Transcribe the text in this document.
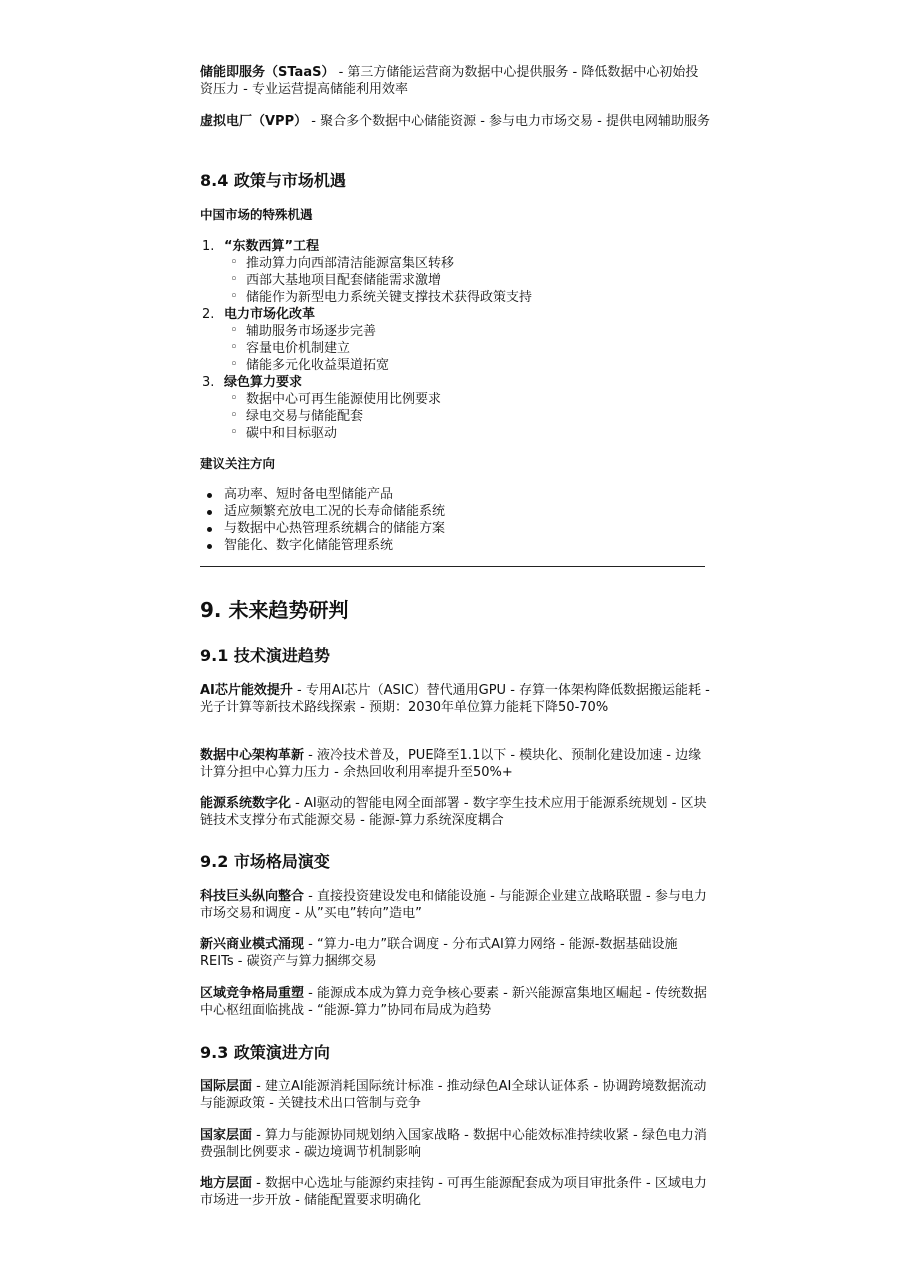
储能即服务（STaaS） - 第三方储能运营商为数据中心提供服务 - 降低数据中心初始投资压力 - 专业运营提高储能利用效率

虚拟电厂（VPP） - 聚合多个数据中心储能资源 - 参与电力市场交易 - 提供电网辅助服务

8.4 政策与市场机遇
中国市场的特殊机遇
1. “东数西算”工程
◦ 推动算力向西部清洁能源富集区转移
◦ 西部大基地项目配套储能需求激增
◦ 储能作为新型电力系统关键支撑技术获得政策支持
2. 电力市场化改革
◦ 辅助服务市场逐步完善
◦ 容量电价机制建立
◦ 储能多元化收益渠道拓宽
3. 绿色算力要求
◦ 数据中心可再生能源使用比例要求
◦ 绿电交易与储能配套
◦ 碳中和目标驱动
建议关注方向
高功率、短时备电型储能产品
适应频繁充放电工况的长寿命储能系统
与数据中心热管理系统耦合的储能方案
智能化、数字化储能管理系统
9. 未来趋势研判
9.1 技术演进趋势

AI芯片能效提升 - 专用AI芯片（ASIC）替代通用GPU - 存算一体架构降低数据搬运能耗 - 光子计算等新技术路线探索 - 预期：2030年单位算力能耗下降50-70%

数据中心架构革新 - 液冷技术普及，PUE降至1.1以下 - 模块化、预制化建设加速 - 边缘计算分担中心算力压力 - 余热回收利用率提升至50%+

能源系统数字化 - AI驱动的智能电网全面部署 - 数字孪生技术应用于能源系统规划 - 区块链技术支撑分布式能源交易 - 能源-算力系统深度耦合

9.2 市场格局演变

科技巨头纵向整合 - 直接投资建设发电和储能设施 - 与能源企业建立战略联盟 - 参与电力市场交易和调度 - 从”买电”转向”造电”

新兴商业模式涌现 - “算力-电力”联合调度 - 分布式AI算力网络 - 能源-数据基础设施REITs - 碳资产与算力捆绑交易

区域竞争格局重塑 - 能源成本成为算力竞争核心要素 - 新兴能源富集地区崛起 - 传统数据中心枢纽面临挑战 - “能源-算力”协同布局成为趋势

9.3 政策演进方向

国际层面 - 建立AI能源消耗国际统计标准 - 推动绿色AI全球认证体系 - 协调跨境数据流动与能源政策 - 关键技术出口管制与竞争

国家层面 - 算力与能源协同规划纳入国家战略 - 数据中心能效标准持续收紧 - 绿色电力消费强制比例要求 - 碳边境调节机制影响

地方层面 - 数据中心选址与能源约束挂钩 - 可再生能源配套成为项目审批条件 - 区域电力市场进一步开放 - 储能配置要求明确化
